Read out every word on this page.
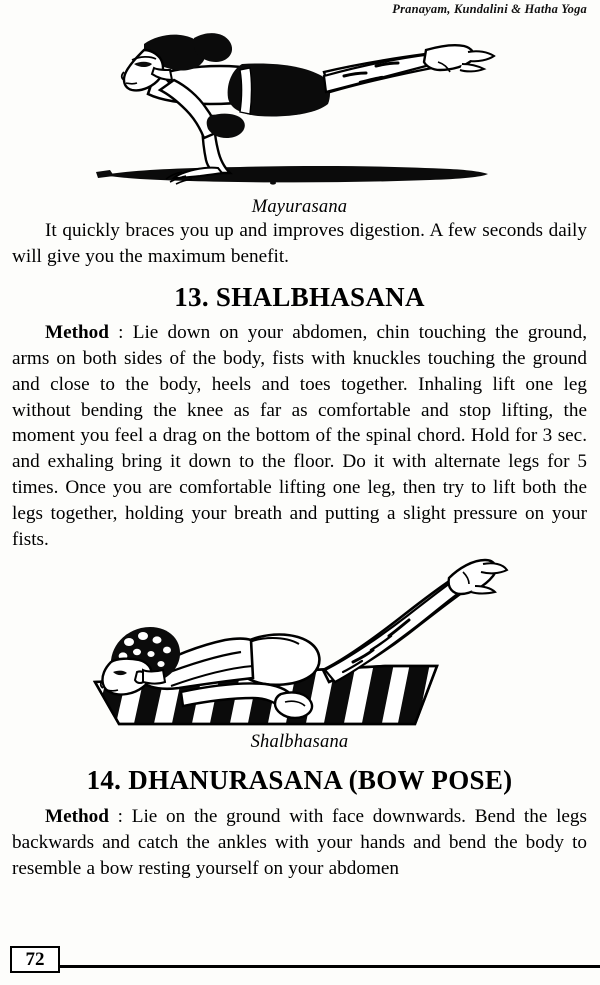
Pranayam, Kundalini & Hatha Yoga
Mayurasana

It quickly braces you up and improves digestion. A few seconds daily will give you the maximum benefit.

13. SHALBHASANA

Method : Lie down on your abdomen, chin touching the ground, arms on both sides of the body, fists with knuckles touching the ground and close to the body, heels and toes together. Inhaling lift one leg without bending the knee as far as comfortable and stop lifting, the moment you feel a drag on the bottom of the spinal chord. Hold for 3 sec. and exhaling bring it down to the floor. Do it with alternate legs for 5 times. Once you are comfortable lifting one leg, then try to lift both the legs together, holding your breath and putting a slight pressure on your fists.

Shalbhasana
14. DHANURASANA (BOW POSE)

Method : Lie on the ground with face downwards. Bend the legs backwards and catch the ankles with your hands and bend the body to resemble a bow resting yourself on your abdomen

72
